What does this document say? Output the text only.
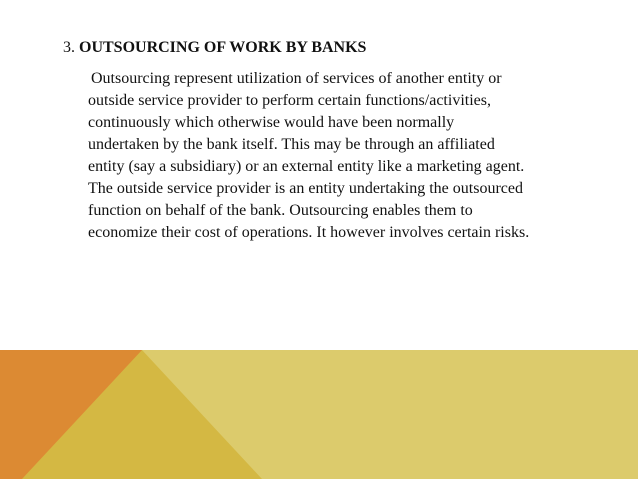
3. OUTSOURCING OF WORK BY BANKS
Outsourcing represent utilization of services of another entity or
outside service provider to perform certain functions/activities,
continuously which otherwise would have been normally
undertaken by the bank itself. This may be through an affiliated
entity (say a subsidiary) or an external entity like a marketing agent.
The outside service provider is an entity undertaking the outsourced
function on behalf of the bank. Outsourcing enables them to
economize their cost of operations. It however involves certain risks.
